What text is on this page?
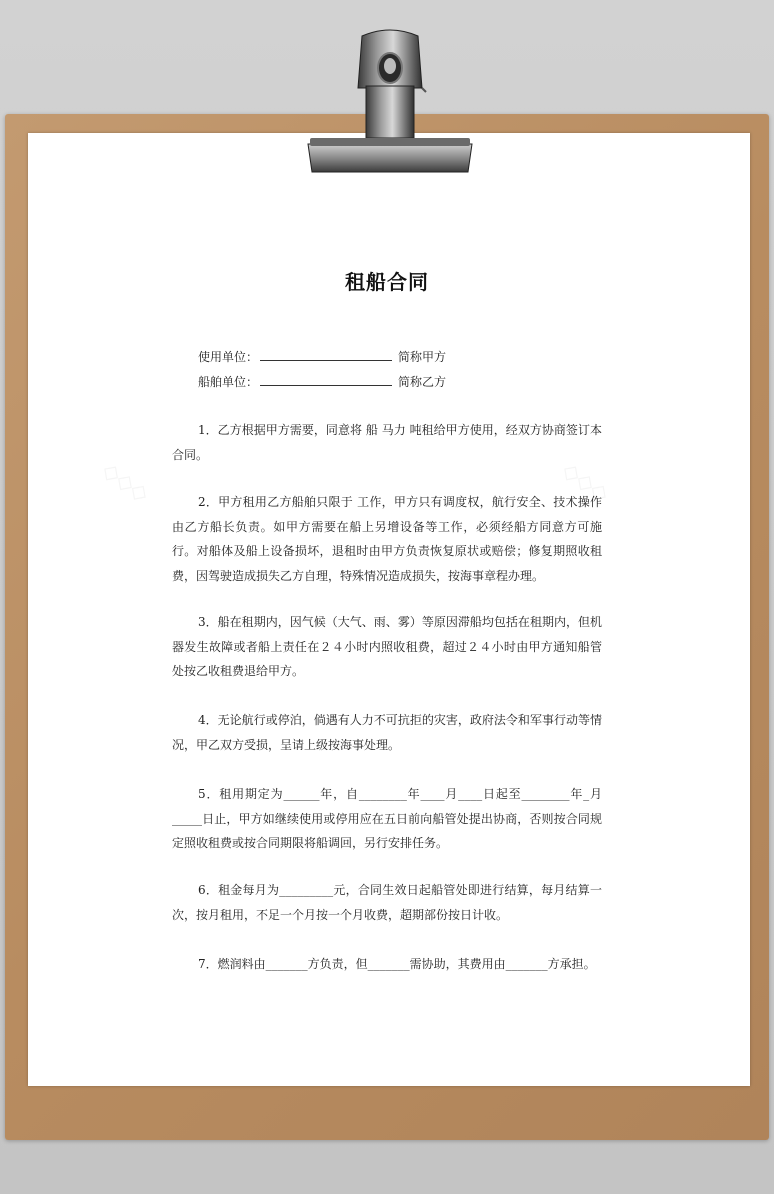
租船合同
使用单位：	简称甲方
船舶单位：	简称乙方

1．乙方根据甲方需要，同意将 船 马力 吨租给甲方使用，经双方协商签订本合同。

2．甲方租用乙方船舶只限于 工作，甲方只有调度权，航行安全、技术操作由乙方船长负责。如甲方需要在船上另增设备等工作，必须经船方同意方可施行。对船体及船上设备损坏，退租时由甲方负责恢复原状或赔偿；修复期照收租费，因驾驶造成损失乙方自理，特殊情况造成损失，按海事章程办理。

3．船在租期内，因气候（大气、雨、雾）等原因滞船均包括在租期内，但机器发生故障或者船上责任在２４小时内照收租费，超过２４小时由甲方通知船管处按乙收租费退给甲方。

4．无论航行或停泊，倘遇有人力不可抗拒的灾害，政府法令和军事行动等情况，甲乙双方受损，呈请上级按海事处理。

5．租用期定为______年，自________年____月____日起至________年_月_____日止，甲方如继续使用或停用应在五日前向船管处提出协商，否则按合同规定照收租费或按合同期限将船调回，另行安排任务。

6．租金每月为_________元，合同生效日起船管处即进行结算，每月结算一次，按月租用，不足一个月按一个月收费，超期部份按日计收。

7．燃润料由_______方负责，但_______需协助，其费用由_______方承担。
